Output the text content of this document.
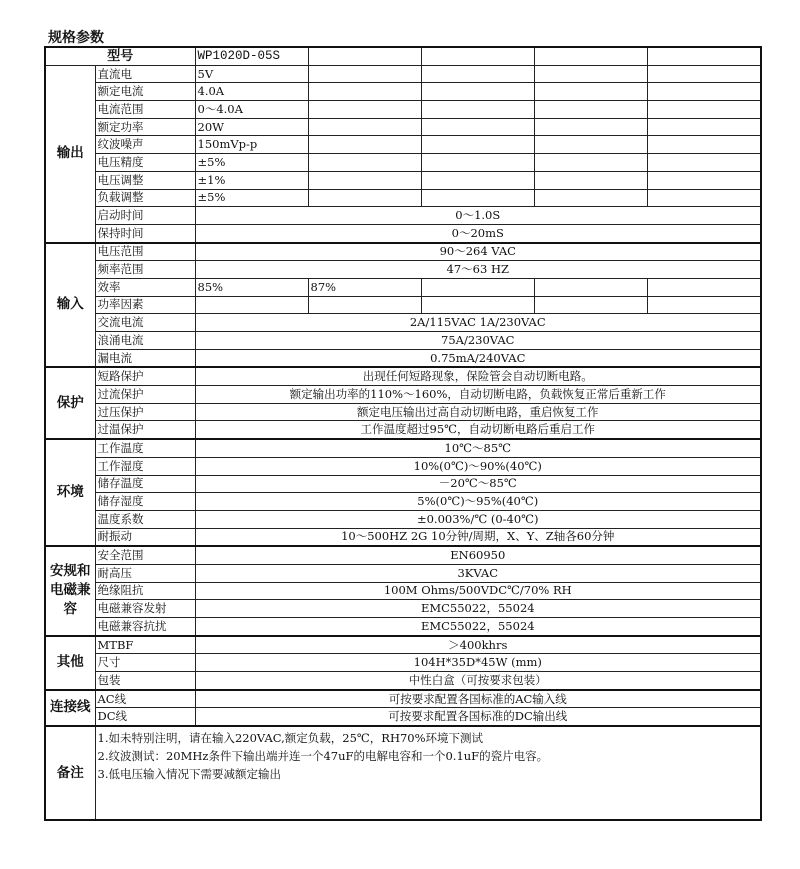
规格参数
型号		WP1020D-05S				
输出	直流电	5V				
	额定电流	4.0A				
	电流范围	0～4.0A				
	额定功率	20W				
	纹波噪声	150mVp-p				
	电压精度	±5%				
	电压调整	±1%				
	负载调整	±5%				
	启动时间	0～1.0S				
	保持时间	0～20mS				
输入	电压范围	90～264 VAC				
	频率范围	47～63 HZ				
	效率	85%	87%			
	功率因素					
	交流电流	2A/115VAC 1A/230VAC				
	浪涌电流	75A/230VAC				
	漏电流	0.75mA/240VAC				
保护	短路保护	出现任何短路现象，保险管会自动切断电路。				
	过流保护	额定输出功率的110%～160%，自动切断电路，负载恢复正常后重新工作				
	过压保护	额定电压输出过高自动切断电路，重启恢复工作				
	过温保护	工作温度超过95℃，自动切断电路后重启工作				
环境	工作温度	10℃～85℃				
	工作湿度	10%(0℃)～90%(40℃)				
	储存温度	－20℃～85℃				
	储存湿度	5%(0℃)～95%(40℃)				
	温度系数	±0.003%/℃ (0-40℃)				
	耐振动	10～500HZ 2G 10分钟/周期，X、Y、Z轴各60分钟				
安规和电磁兼容	安全范围	EN60950				
	耐高压	3KVAC				
	绝缘阻抗	100M Ohms/500VDC℃/70% RH				
	电磁兼容发射	EMC55022，55024				
	电磁兼容抗扰	EMC55022，55024				
其他	MTBF	＞400khrs				
	尺寸	104H*35D*45W (mm)				
	包装	中性白盒（可按要求包装）				
连接线	AC线	可按要求配置各国标准的AC输入线				
	DC线	可按要求配置各国标准的DC输出线				
备注	1.如未特别注明，请在输入220VAC,额定负载，25℃，RH70%环境下测试
2.纹波测试：20MHz条件下输出端并连一个47uF的电解电容和一个0.1uF的瓷片电容。
3.低电压输入情况下需要减额定输出					
